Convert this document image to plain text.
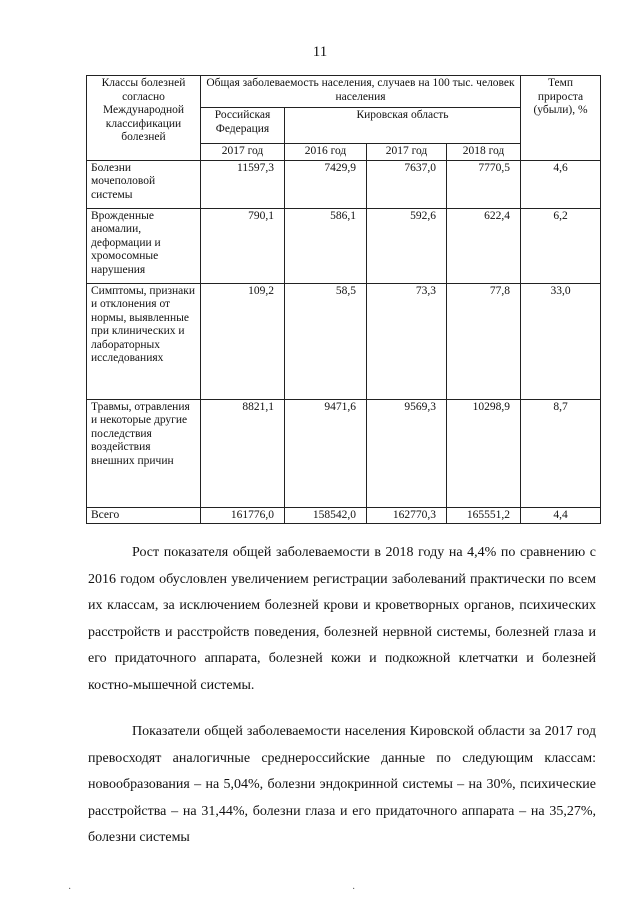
11
Классы болезней согласно Международной классификации болезней	Общая заболеваемость населения, случаев на 100 тыс. человек населения				Темп прироста (убыли), %
	Российская Федерация	Кировская область			
	2017 год	2016 год	2017 год	2018 год	
Болезни мочеполовой системы	11597,3	7429,9	7637,0	7770,5	4,6
Врожденные аномалии, деформации и хромосомные нарушения	790,1	586,1	592,6	622,4	6,2
Симптомы, признаки и отклонения от нормы, выявленные при клинических и лабораторных исследованиях	109,2	58,5	73,3	77,8	33,0
Травмы, отравления и некоторые другие последствия воздействия внешних причин	8821,1	9471,6	9569,3	10298,9	8,7
Всего	161776,0	158542,0	162770,3	165551,2	4,4

Рост показателя общей заболеваемости в 2018 году на 4,4% по сравнению с 2016 годом обусловлен увеличением регистрации заболеваний практически по всем их классам, за исключением болезней крови и кроветворных органов, психических расстройств и расстройств поведения, болезней нервной системы, болезней глаза и его придаточного аппарата, болезней кожи и подкожной клетчатки и болезней костно-мышечной системы.

Показатели общей заболеваемости населения Кировской области за 2017 год превосходят аналогичные среднероссийские данные по следующим классам: новообразования – на 5,04%, болезни эндокринной системы – на 30%, психические расстройства – на 31,44%, болезни глаза и его придаточного аппарата – на 35,27%, болезни системы

·	·
